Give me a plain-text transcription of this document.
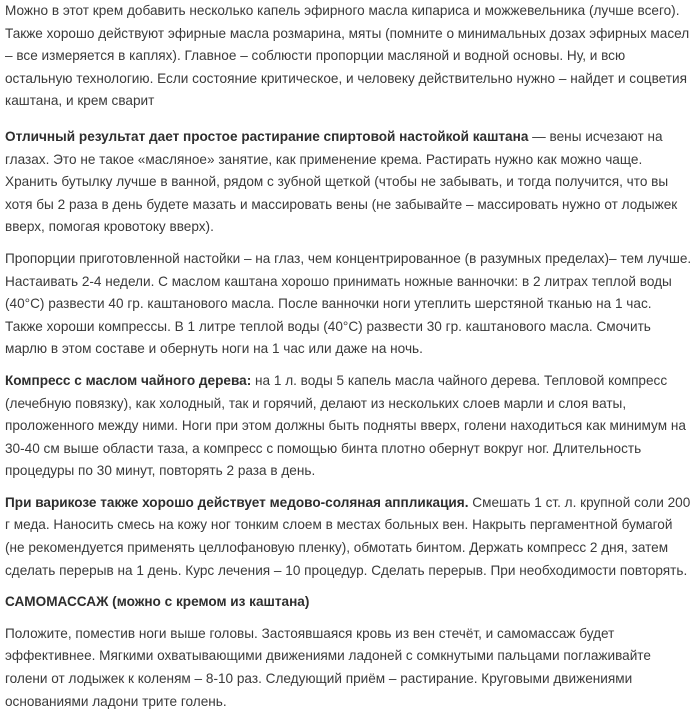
Можно в этот крем добавить несколько капель эфирного масла кипариса и можжевельника (лучше всего). Также хорошо действуют эфирные масла розмарина, мяты (помните о минимальных дозах эфирных масел – все измеряется в каплях). Главное – соблюсти пропорции масляной и водной основы. Ну, и всю остальную технологию. Если состояние критическое, и человеку действительно нужно – найдет и соцветия каштана, и крем сварит

Отличный результат дает простое растирание спиртовой настойкой каштана — вены исчезают на глазах. Это не такое «масляное» занятие, как применение крема. Растирать нужно как можно чаще. Хранить бутылку лучше в ванной, рядом с зубной щеткой (чтобы не забывать, и тогда получится, что вы хотя бы 2 раза в день будете мазать и массировать вены (не забывайте – массировать нужно от лодыжек вверх, помогая кровотоку вверх).

Пропорции приготовленной настойки – на глаз, чем концентрированное (в разумных пределах)– тем лучше. Настаивать 2-4 недели. С маслом каштана хорошо принимать ножные ванночки: в 2 литрах теплой воды (40°С) развести 40 гр. каштанового масла. После ванночки ноги утеплить шерстяной тканью на 1 час. Также хороши компрессы. В 1 литре теплой воды (40°С) развести 30 гр. каштанового масла. Смочить марлю в этом составе и обернуть ноги на 1 час или даже на ночь.

Компресс с маслом чайного дерева: на 1 л. воды 5 капель масла чайного дерева. Тепловой компресс (лечебную повязку), как холодный, так и горячий, делают из нескольких слоев марли и слоя ваты, проложенного между ними. Ноги при этом должны быть подняты вверх, голени находиться как минимум на 30-40 см выше области таза, а компресс с помощью бинта плотно обернут вокруг ног. Длительность процедуры по 30 минут, повторять 2 раза в день.

При варикозе также хорошо действует медово-соляная аппликация. Смешать 1 ст. л. крупной соли 200 г меда. Наносить смесь на кожу ног тонким слоем в местах больных вен. Накрыть пергаментной бумагой (не рекомендуется применять целлофановую пленку), обмотать бинтом. Держать компресс 2 дня, затем сделать перерыв на 1 день. Курс лечения – 10 процедур. Сделать перерыв. При необходимости повторять.

САМОМАССАЖ (можно с кремом из каштана)

Положите, поместив ноги выше головы. Застоявшаяся кровь из вен стечёт, и самомассаж будет эффективнее. Мягкими охватывающими движениями ладоней с сомкнутыми пальцами поглаживайте голени от лодыжек к коленям – 8-10 раз. Следующий приём – растирание. Круговыми движениями основаниями ладони трите голень.
